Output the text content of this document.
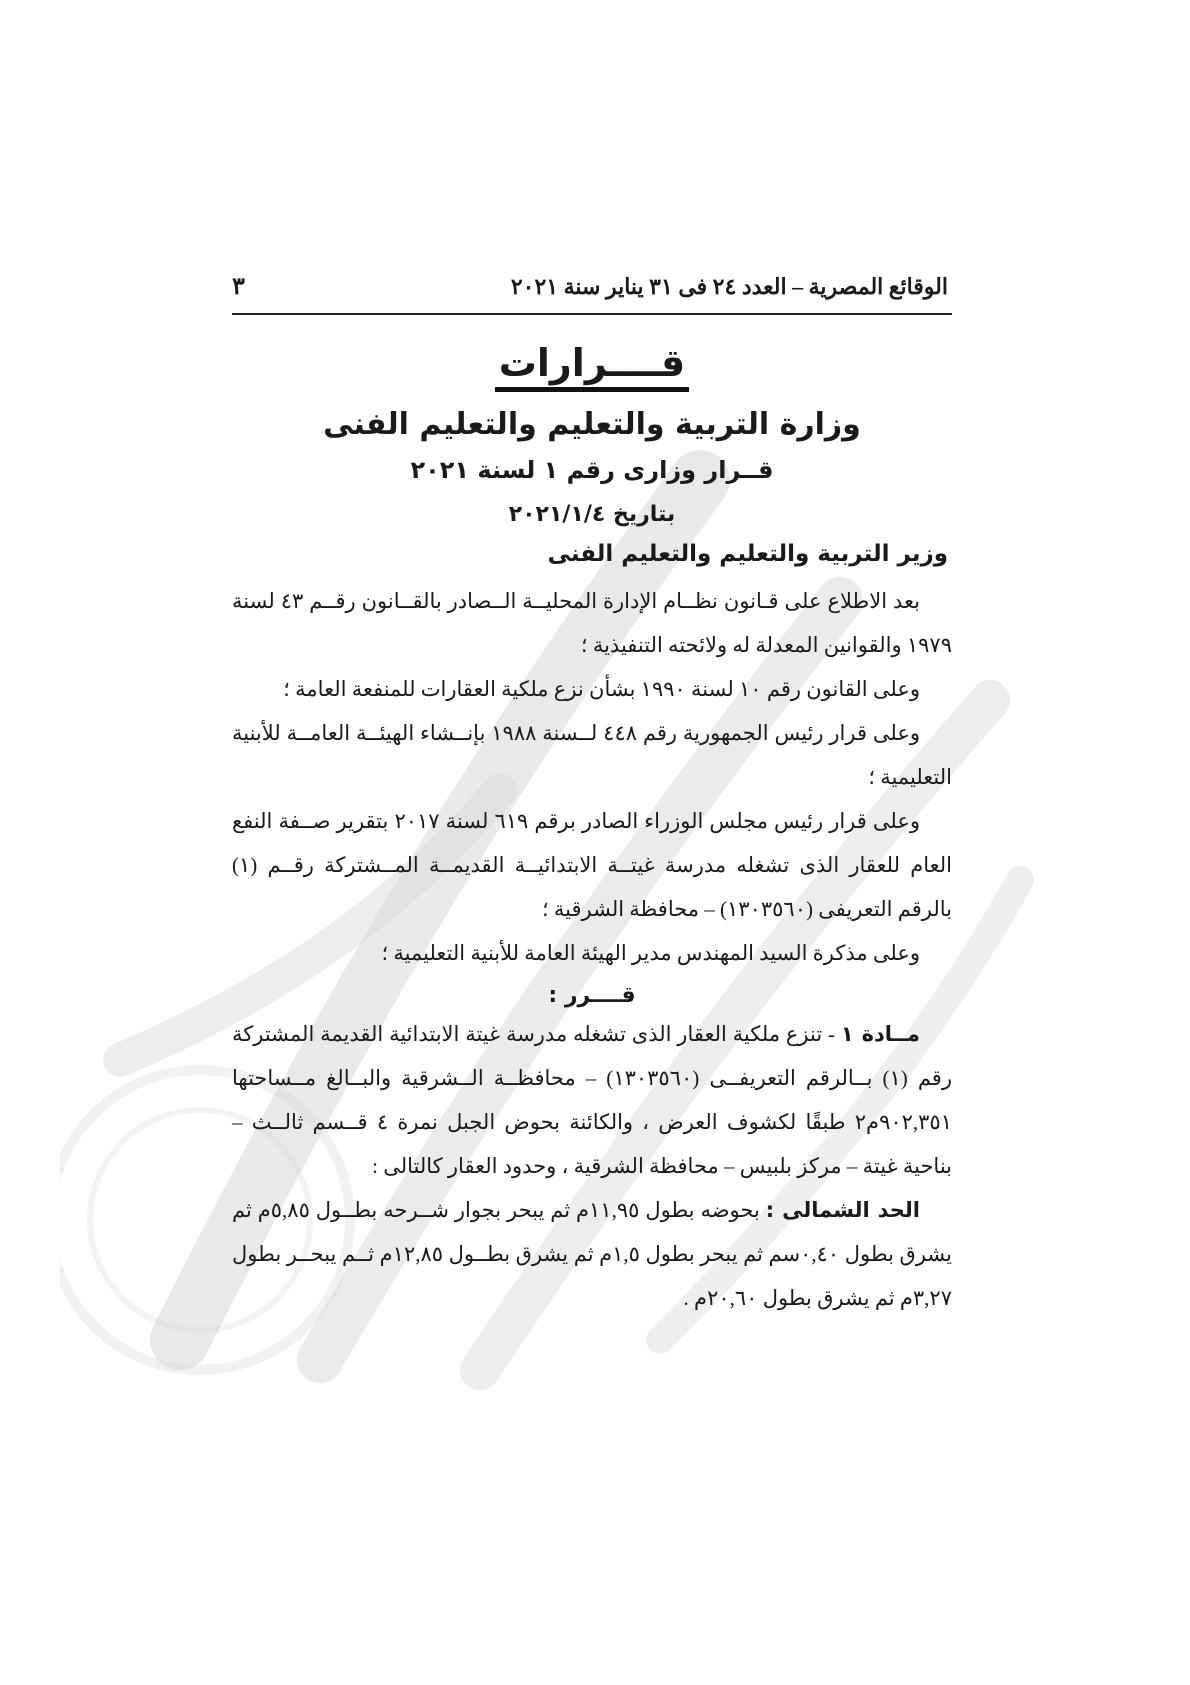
الوقائع المصرية – العدد ٢٤ فى ٣١ يناير سنة ٢٠٢١
٣
قــــرارات
وزارة التربية والتعليم والتعليم الفنى
قــرار وزارى رقم ١ لسنة ٢٠٢١
بتاريخ ٢٠٢١/١/٤
وزير التربية والتعليم والتعليم الفنى

بعد الاطلاع على قـانون نظــام الإدارة المحليــة الــصادر بالقــانون رقــم ٤٣ لسنة ١٩٧٩ والقوانين المعدلة له ولائحته التنفيذية ؛

وعلى القانون رقم ١٠ لسنة ١٩٩٠ بشأن نزع ملكية العقارات للمنفعة العامة ؛

وعلى قرار رئيس الجمهورية رقم ٤٤٨ لــسنة ١٩٨٨ بإنــشاء الهيئــة العامــة للأبنية التعليمية ؛

وعلى قرار رئيس مجلس الوزراء الصادر برقم ٦١٩ لسنة ٢٠١٧ بتقرير صــفة النفع العام للعقار الذى تشغله مدرسة غيتــة الابتدائيــة القديمــة المــشتركة رقــم (١) بالرقم التعريفى (١٣٠٣٥٦٠) – محافظة الشرقية ؛

وعلى مذكرة السيد المهندس مدير الهيئة العامة للأبنية التعليمية ؛

قــــرر :

مــادة ١ - تنزع ملكية العقار الذى تشغله مدرسة غيتة الابتدائية القديمة المشتركة رقم (١) بــالرقم التعريفــى (١٣٠٣٥٦٠) – محافظــة الــشرقية والبــالغ مــساحتها ٩٠٢,٣٥١م٢ طبقًا لكشوف العرض ، والكائنة بحوض الجبل نمرة ٤ قــسم ثالــث – بناحية غيتة – مركز بلبيس – محافظة الشرقية ، وحدود العقار كالتالى :

الحد الشمالى : بحوضه بطول ١١,٩٥م ثم يبحر بجوار شــرحه بطــول ٥,٨٥م ثم يشرق بطول ٠,٤٠سم ثم يبحر بطول ١,٥م ثم يشرق بطــول ١٢,٨٥م ثــم يبحــر بطول ٣,٢٧م ثم يشرق بطول ٢٠,٦٠م .
